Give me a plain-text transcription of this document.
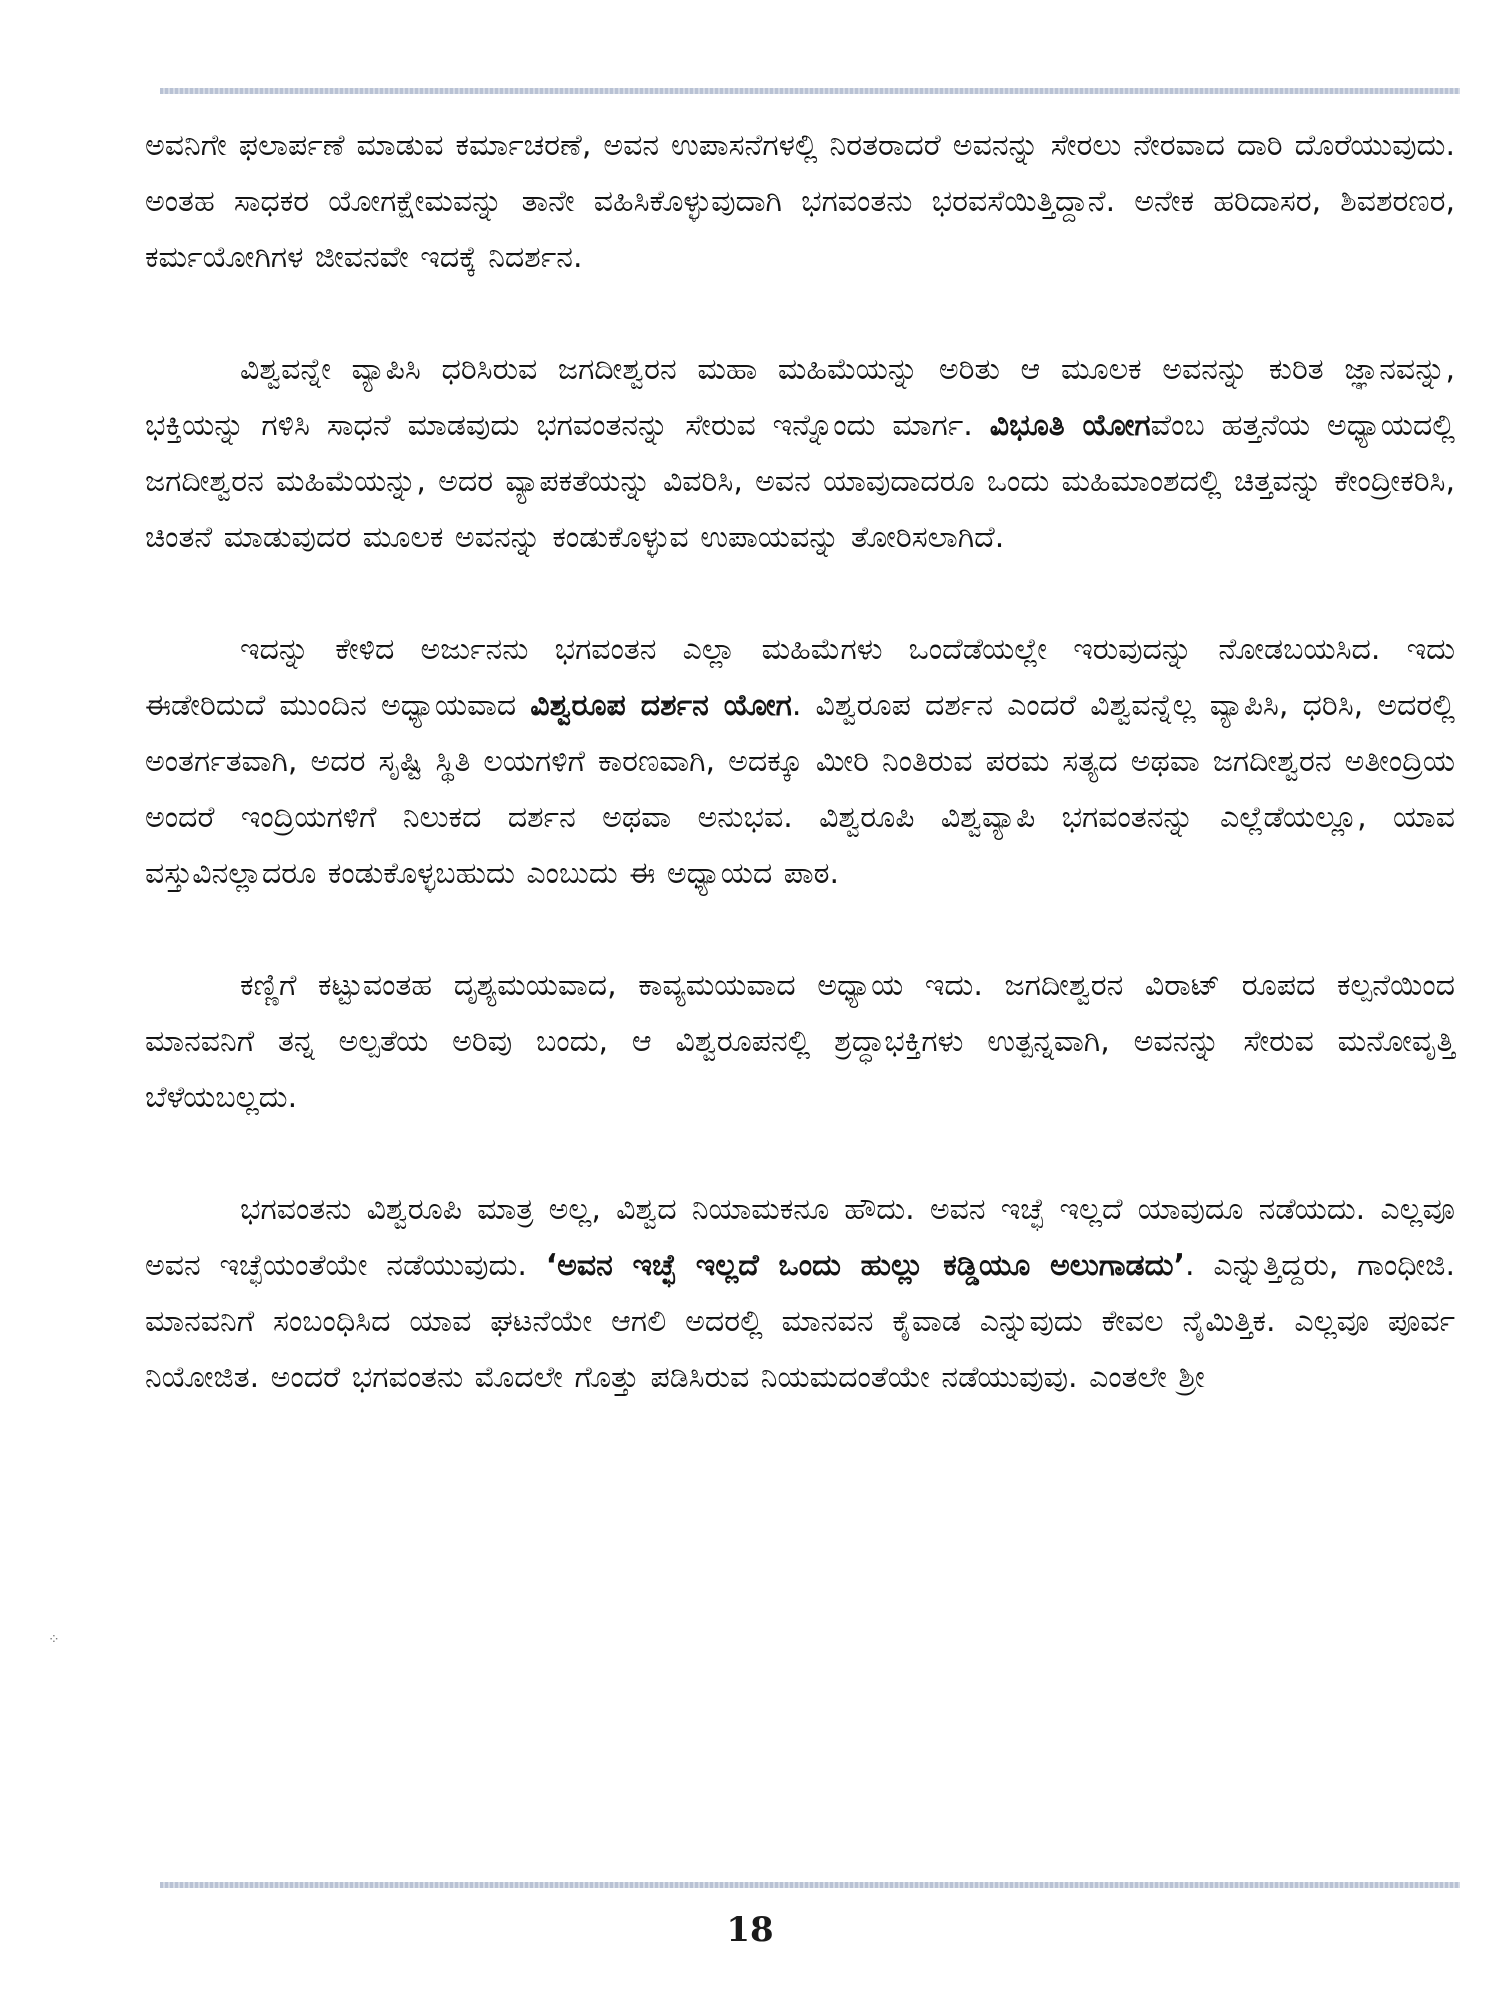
ಅವನಿಗೇ ಫಲಾರ್ಪಣೆ ಮಾಡುವ ಕರ್ಮಾಚರಣೆ, ಅವನ ಉಪಾಸನೆಗಳಲ್ಲಿ ನಿರತರಾದರೆ ಅವನನ್ನು ಸೇರಲು ನೇರವಾದ ದಾರಿ ದೊರೆಯುವುದು. ಅಂತಹ ಸಾಧಕರ ಯೋಗಕ್ಷೇಮವನ್ನು ತಾನೇ ವಹಿಸಿಕೊಳ್ಳುವುದಾಗಿ ಭಗವಂತನು ಭರವಸೆಯಿತ್ತಿದ್ದಾನೆ. ಅನೇಕ ಹರಿದಾಸರ, ಶಿವಶರಣರ, ಕರ್ಮಯೋಗಿಗಳ ಜೀವನವೇ ಇದಕ್ಕೆ ನಿದರ್ಶನ.

ವಿಶ್ವವನ್ನೇ ವ್ಯಾಪಿಸಿ ಧರಿಸಿರುವ ಜಗದೀಶ್ವರನ ಮಹಾ ಮಹಿಮೆಯನ್ನು ಅರಿತು ಆ ಮೂಲಕ ಅವನನ್ನು ಕುರಿತ ಜ್ಞಾನವನ್ನು, ಭಕ್ತಿಯನ್ನು ಗಳಿಸಿ ಸಾಧನೆ ಮಾಡವುದು ಭಗವಂತನನ್ನು ಸೇರುವ ಇನ್ನೊಂದು ಮಾರ್ಗ. ವಿಭೂತಿ ಯೋಗವೆಂಬ ಹತ್ತನೆಯ ಅಧ್ಯಾಯದಲ್ಲಿ ಜಗದೀಶ್ವರನ ಮಹಿಮೆಯನ್ನು, ಅದರ ವ್ಯಾಪಕತೆಯನ್ನು ವಿವರಿಸಿ, ಅವನ ಯಾವುದಾದರೂ ಒಂದು ಮಹಿಮಾಂಶದಲ್ಲಿ ಚಿತ್ತವನ್ನು ಕೇಂದ್ರೀಕರಿಸಿ, ಚಿಂತನೆ ಮಾಡುವುದರ ಮೂಲಕ ಅವನನ್ನು ಕಂಡುಕೊಳ್ಳುವ ಉಪಾಯವನ್ನು ತೋರಿಸಲಾಗಿದೆ.

ಇದನ್ನು ಕೇಳಿದ ಅರ್ಜುನನು ಭಗವಂತನ ಎಲ್ಲಾ ಮಹಿಮೆಗಳು ಒಂದೆಡೆಯಲ್ಲೇ ಇರುವುದನ್ನು ನೋಡಬಯಸಿದ. ಇದು ಈಡೇರಿದುದೆ ಮುಂದಿನ ಅಧ್ಯಾಯವಾದ ವಿಶ್ವರೂಪ ದರ್ಶನ ಯೋಗ. ವಿಶ್ವರೂಪ ದರ್ಶನ ಎಂದರೆ ವಿಶ್ವವನ್ನೆಲ್ಲ ವ್ಯಾಪಿಸಿ, ಧರಿಸಿ, ಅದರಲ್ಲಿ ಅಂತರ್ಗತವಾಗಿ, ಅದರ ಸೃಷ್ಟಿ ಸ್ಥಿತಿ ಲಯಗಳಿಗೆ ಕಾರಣವಾಗಿ, ಅದಕ್ಕೂ ಮೀರಿ ನಿಂತಿರುವ ಪರಮ ಸತ್ಯದ ಅಥವಾ ಜಗದೀಶ್ವರನ ಅತೀಂದ್ರಿಯ ಅಂದರೆ ಇಂದ್ರಿಯಗಳಿಗೆ ನಿಲುಕದ ದರ್ಶನ ಅಥವಾ ಅನುಭವ. ವಿಶ್ವರೂಪಿ ವಿಶ್ವವ್ಯಾಪಿ ಭಗವಂತನನ್ನು ಎಲ್ಲೆಡೆಯಲ್ಲೂ, ಯಾವ ವಸ್ತುವಿನಲ್ಲಾದರೂ ಕಂಡುಕೊಳ್ಳಬಹುದು ಎಂಬುದು ಈ ಅಧ್ಯಾಯದ ಪಾಠ.

ಕಣ್ಣಿಗೆ ಕಟ್ಟುವಂತಹ ದೃಶ್ಯಮಯವಾದ, ಕಾವ್ಯಮಯವಾದ ಅಧ್ಯಾಯ ಇದು. ಜಗದೀಶ್ವರನ ವಿರಾಟ್ ರೂಪದ ಕಲ್ಪನೆಯಿಂದ ಮಾನವನಿಗೆ ತನ್ನ ಅಲ್ಪತೆಯ ಅರಿವು ಬಂದು, ಆ ವಿಶ್ವರೂಪನಲ್ಲಿ ಶ್ರದ್ಧಾಭಕ್ತಿಗಳು ಉತ್ಪನ್ನವಾಗಿ, ಅವನನ್ನು ಸೇರುವ ಮನೋವೃತ್ತಿ ಬೆಳೆಯಬಲ್ಲದು.

ಭಗವಂತನು ವಿಶ್ವರೂಪಿ ಮಾತ್ರ ಅಲ್ಲ, ವಿಶ್ವದ ನಿಯಾಮಕನೂ ಹೌದು. ಅವನ ಇಚ್ಛೆ ಇಲ್ಲದೆ ಯಾವುದೂ ನಡೆಯದು. ಎಲ್ಲವೂ ಅವನ ಇಚ್ಛೆಯಂತೆಯೇ ನಡೆಯುವುದು. ‘ಅವನ ಇಚ್ಛೆ ಇಲ್ಲದೆ ಒಂದು ಹುಲ್ಲು ಕಡ್ಡಿಯೂ ಅಲುಗಾಡದು’. ಎನ್ನುತ್ತಿದ್ದರು, ಗಾಂಧೀಜಿ. ಮಾನವನಿಗೆ ಸಂಬಂಧಿಸಿದ ಯಾವ ಘಟನೆಯೇ ಆಗಲಿ ಅದರಲ್ಲಿ ಮಾನವನ ಕೈವಾಡ ಎನ್ನುವುದು ಕೇವಲ ನೈಮಿತ್ತಿಕ. ಎಲ್ಲವೂ ಪೂರ್ವ ನಿಯೋಜಿತ. ಅಂದರೆ ಭಗವಂತನು ಮೊದಲೇ ಗೊತ್ತು ಪಡಿಸಿರುವ ನಿಯಮದಂತೆಯೇ ನಡೆಯುವುವು. ಎಂತಲೇ ಶ್ರೀ

⁘
18
